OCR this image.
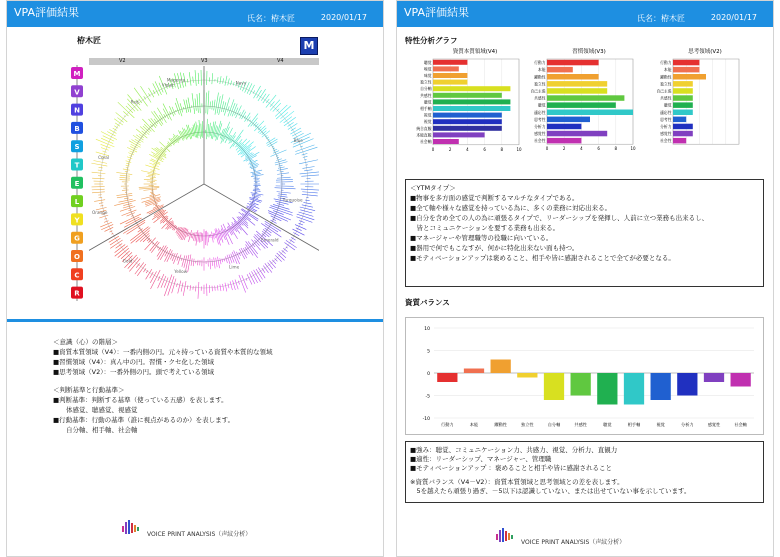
VPA評価結果	氏名：栫木匠	2020/01/17
栫木匠	M
M
V
N
B
S
T
E
L
Y
G
O
C
R
V2	V3	V4
Violet	Navy
Blue
Turquoise
Emerald
Lime
Yellow
Gold
Orange
Coral
Red
Magenta
＜意識（心）の階層＞
■資質本質領域（V4）：一番内側の円。元々持っている資質や本質的な領域
■習慣領域（V4）：真ん中の円。習慣・クセ化した領域
■思考領域（V2）：一番外側の円。頭で考えている領域
＜判断基準と行動基準＞
■判断基準：判断する基準（使っている五感）を表します。
　　体感覚、聴感覚、視感覚
■行動基準：行動の基準（誰に視点があるのか）を表します。
　　自分軸、相手軸、社会軸
VOICE PRINT ANALYSIS（声紋分析）
VPA評価結果	氏名：栫木匠	2020/01/17
特性分析グラフ
資質本質領域(V4)
0	2	4	6	8	10
聴覚
嗅覚
味覚
独立性
自分軸
共感性
聴覚
相手軸
視覚
視覚
統合直観
本能直観
社会軸
習慣領域(V3)
0	2	4	6	8	10
行動力
本能
躍動性
独立性
自己主張
共感性
聴覚
適応性
思考性
分析力
感覚性
社会性
思考領域(V2)
行動力
本能
躍動性
独立性
自己主張
共感性
聴覚
適応性
思考性
分析力
感覚性
社会性
＜YTMタイプ＞
■物事を多方面の感覚で判断するマルチなタイプである。
■全て軸や様々な感覚を持っている為に、多くの業務に対応出来る。
■自分を含め全ての人の為に頑張るタイプで、リーダーシップを発揮し、人前に立つ業務も出来るし、
　皆とコミュニケーションを要する業務も出来る。
■マネージャーや管理職等の役職に向いている。
■器用で何でもこなすが、何かに特化出来ない面も持つ。
■モティベーションアップは褒めること、相手や皆に感謝されることで全てが必要となる。
資質バランス
10
5
0
-5
-10
行動力	本能	躍動性	独立性	自分軸	共感性	聴覚	相手軸	視覚	分析力	感覚性	社会軸
■強み：聴覚、コミュニケーション力、共感力、視覚、分析力、直観力
■適性：リーダーシップ、マネージャー、管理職
■モティベーションアップ ：褒めることと相手や皆に感謝されること
※資質バランス（V4－V2）：資質本質領域と思考領域との差を表します。
　5を越えたら頑張り過ぎ、－5以下は認識していない、または出せていない事を示しています。
VOICE PRINT ANALYSIS（声紋分析）
